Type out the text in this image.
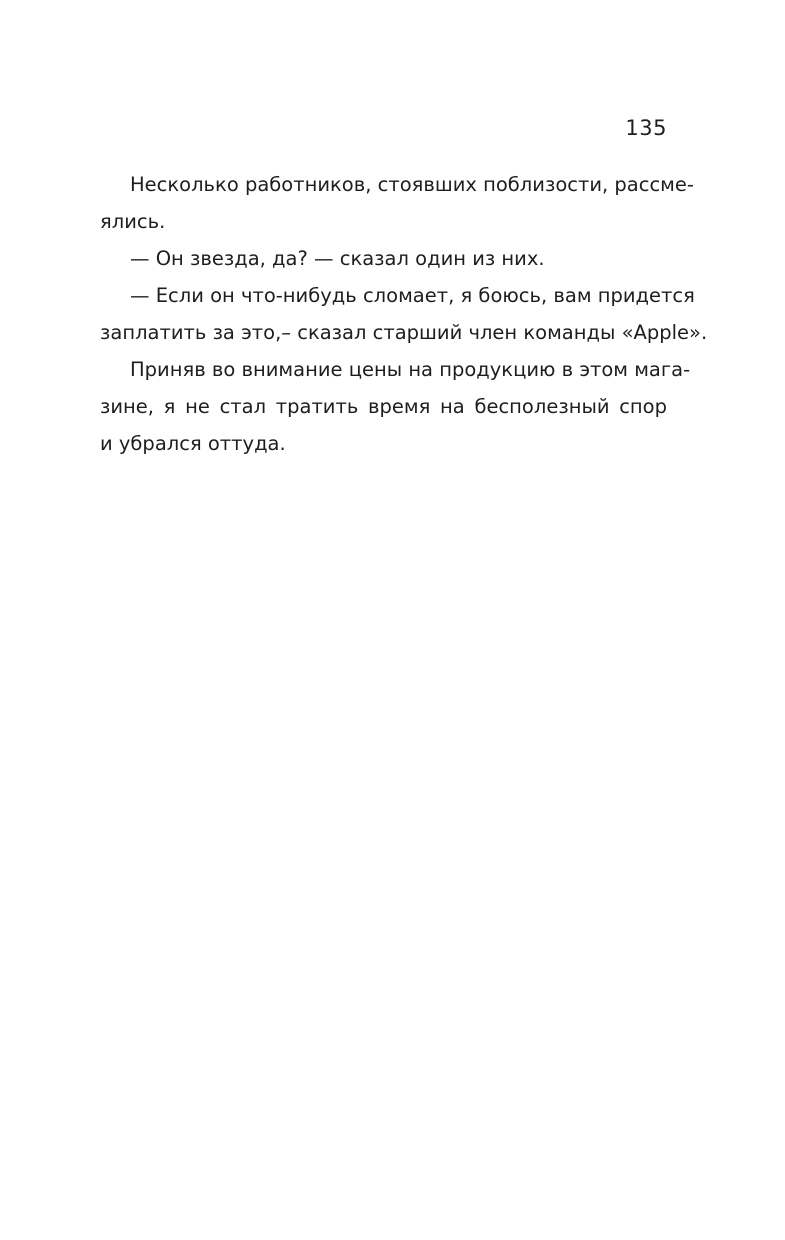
135
Несколько работников, стоявших поблизости, рассме-
ялись.
— Он звезда, да? — сказал один из них.
— Если он что-нибудь сломает, я боюсь, вам придется
заплатить за это,– сказал старший член команды «Apple».
Приняв во внимание цены на продукцию в этом мага-
зине, я не стал тратить время на бесполезный спор
и убрался оттуда.
